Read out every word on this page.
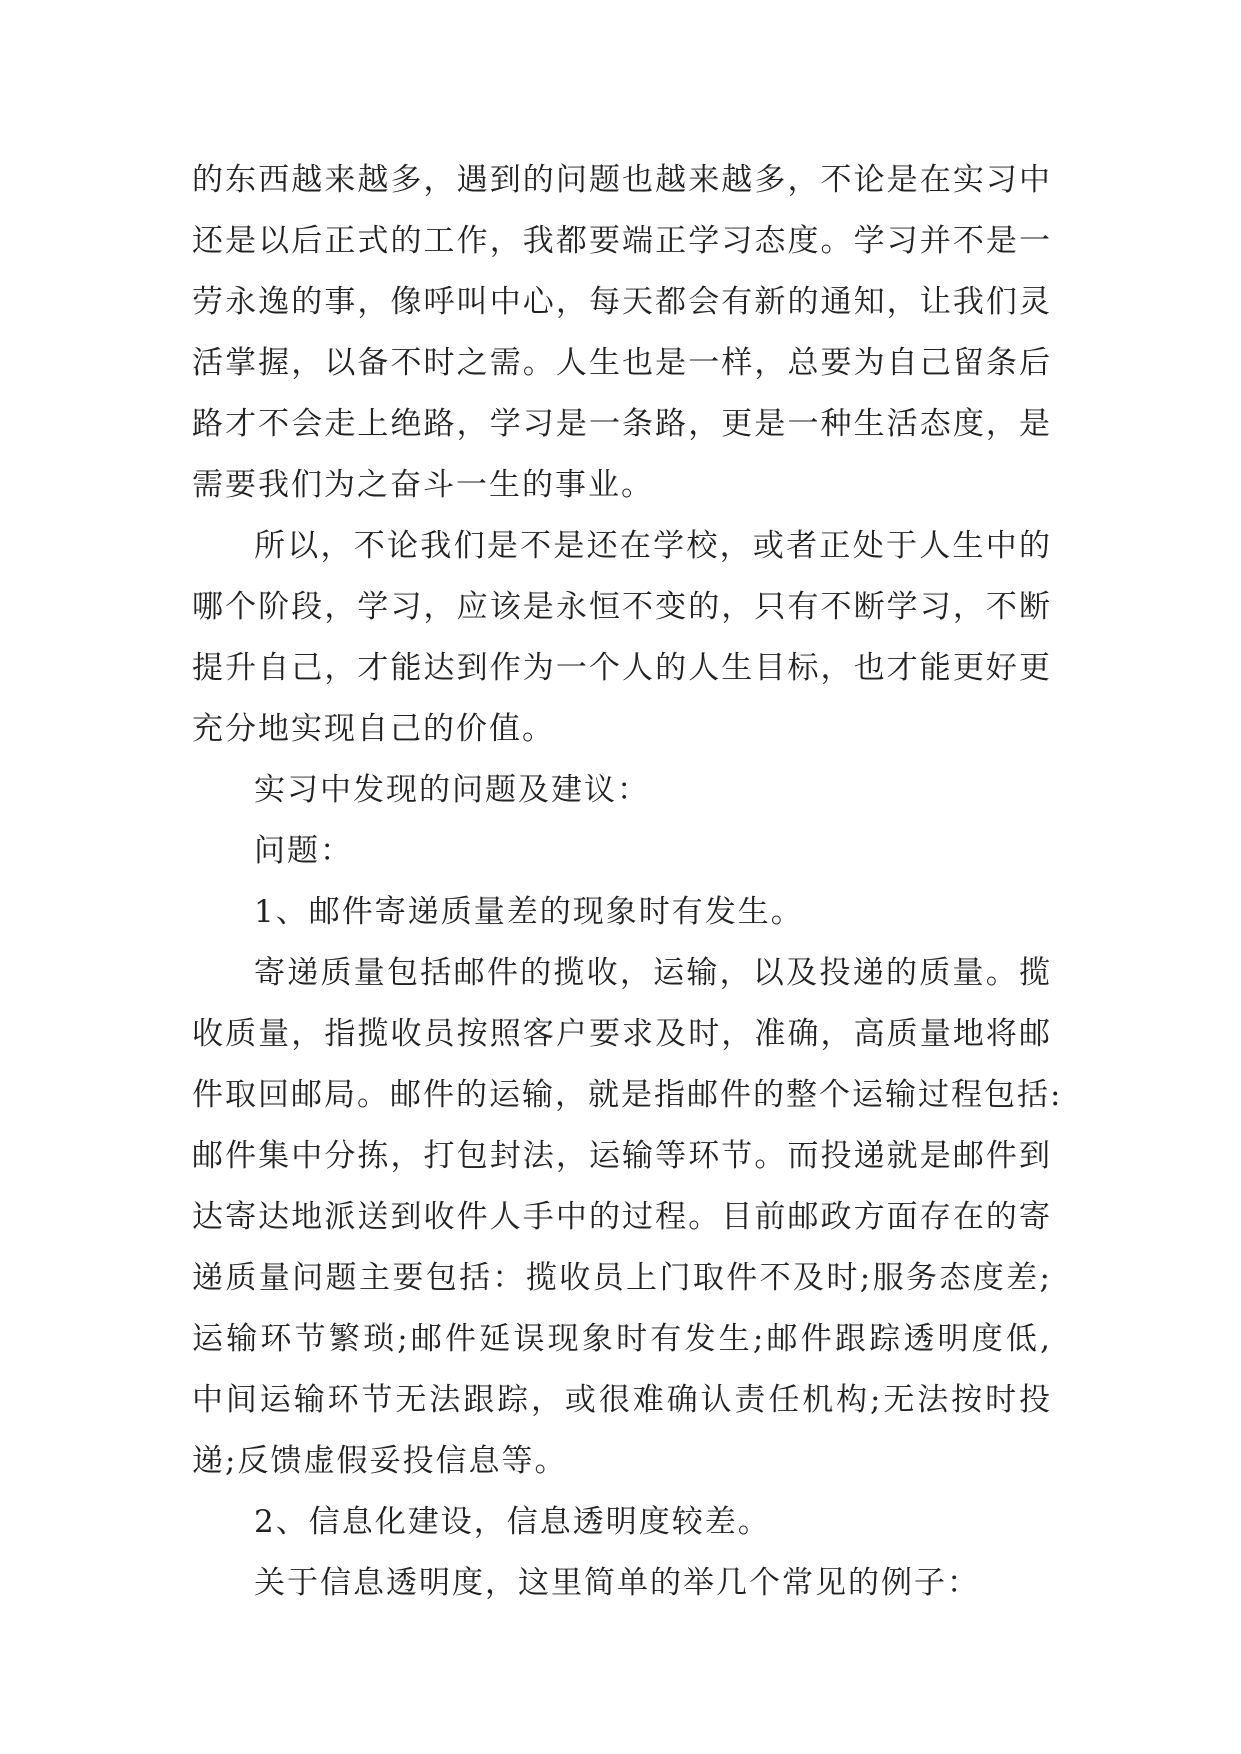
的东西越来越多，遇到的问题也越来越多，不论是在实习中
还是以后正式的工作，我都要端正学习态度。学习并不是一
劳永逸的事，像呼叫中心，每天都会有新的通知，让我们灵
活掌握，以备不时之需。人生也是一样，总要为自己留条后
路才不会走上绝路，学习是一条路，更是一种生活态度，是
需要我们为之奋斗一生的事业。
所以，不论我们是不是还在学校，或者正处于人生中的
哪个阶段，学习，应该是永恒不变的，只有不断学习，不断
提升自己，才能达到作为一个人的人生目标，也才能更好更
充分地实现自己的价值。
实习中发现的问题及建议：
问题：
1、邮件寄递质量差的现象时有发生。
寄递质量包括邮件的揽收，运输，以及投递的质量。揽
收质量，指揽收员按照客户要求及时，准确，高质量地将邮
件取回邮局。邮件的运输，就是指邮件的整个运输过程包括:
邮件集中分拣，打包封法，运输等环节。而投递就是邮件到
达寄达地派送到收件人手中的过程。目前邮政方面存在的寄
递质量问题主要包括：揽收员上门取件不及时;服务态度差;
运输环节繁琐;邮件延误现象时有发生;邮件跟踪透明度低,
中间运输环节无法跟踪，或很难确认责任机构;无法按时投
递;反馈虚假妥投信息等。
2、信息化建设，信息透明度较差。
关于信息透明度，这里简单的举几个常见的例子：
